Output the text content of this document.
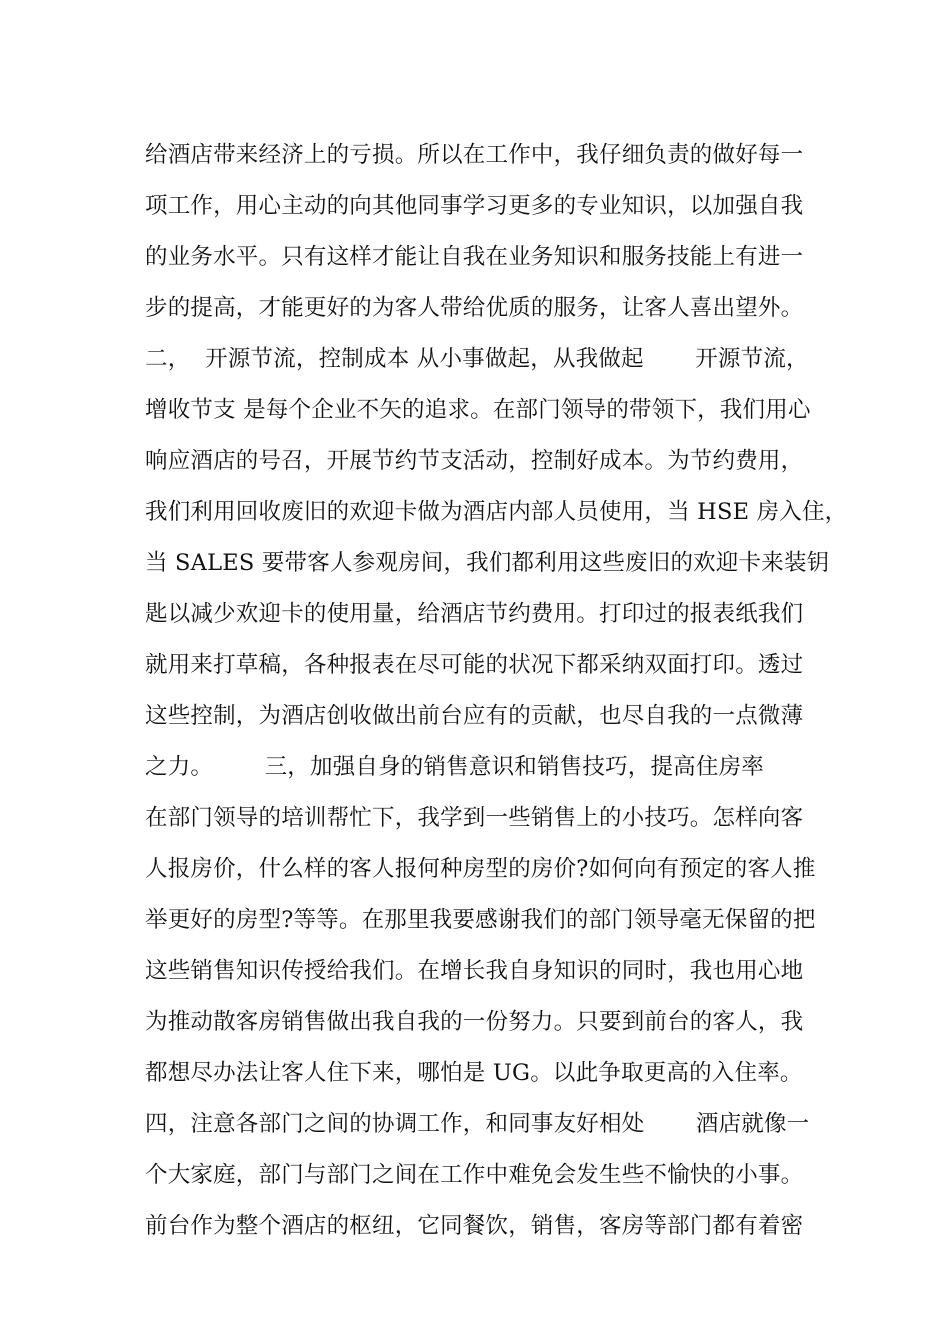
给酒店带来经济上的亏损。所以在工作中，我仔细负责的做好每一
项工作，用心主动的向其他同事学习更多的专业知识，以加强自我
的业务水平。只有这样才能让自我在业务知识和服务技能上有进一
步的提高，才能更好的为客人带给优质的服务，让客人喜出望外。
二，  开源节流，控制成本 从小事做起，从我做起       开源节流，
增收节支 是每个企业不矢的追求。在部门领导的带领下，我们用心
响应酒店的号召，开展节约节支活动，控制好成本。为节约费用，
我们利用回收废旧的欢迎卡做为酒店内部人员使用，当 HSE 房入住，
当 SALES 要带客人参观房间，我们都利用这些废旧的欢迎卡来装钥
匙以减少欢迎卡的使用量，给酒店节约费用。打印过的报表纸我们
就用来打草稿，各种报表在尽可能的状况下都采纳双面打印。透过
这些控制，为酒店创收做出前台应有的贡献，也尽自我的一点微薄
之力。       三，加强自身的销售意识和销售技巧，提高住房率
在部门领导的培训帮忙下，我学到一些销售上的小技巧。怎样向客
人报房价，什么样的客人报何种房型的房价?如何向有预定的客人推
举更好的房型?等等。在那里我要感谢我们的部门领导毫无保留的把
这些销售知识传授给我们。在增长我自身知识的同时，我也用心地
为推动散客房销售做出我自我的一份努力。只要到前台的客人，我
都想尽办法让客人住下来，哪怕是 UG。以此争取更高的入住率。
四，注意各部门之间的协调工作，和同事友好相处       酒店就像一
个大家庭，部门与部门之间在工作中难免会发生些不愉快的小事。
前台作为整个酒店的枢纽，它同餐饮，销售，客房等部门都有着密
